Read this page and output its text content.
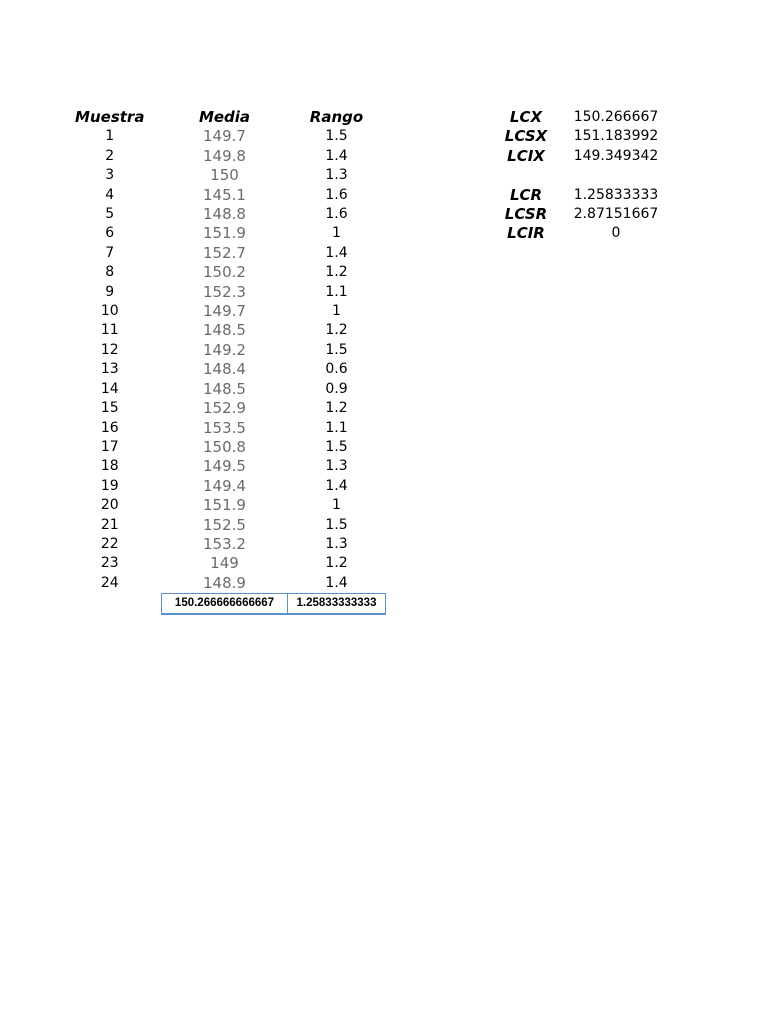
Muestra	Media	Rango
1	149.7	1.5
2	149.8	1.4
3	150	1.3
4	145.1	1.6
5	148.8	1.6
6	151.9	1
7	152.7	1.4
8	150.2	1.2
9	152.3	1.1
10	149.7	1
11	148.5	1.2
12	149.2	1.5
13	148.4	0.6
14	148.5	0.9
15	152.9	1.2
16	153.5	1.1
17	150.8	1.5
18	149.5	1.3
19	149.4	1.4
20	151.9	1
21	152.5	1.5
22	153.2	1.3
23	149	1.2
24	148.9	1.4
	150.266666666667	1.25833333333
LCX	150.266667
LCSX	151.183992
LCIX	149.349342

LCR	1.25833333
LCSR	2.87151667
LCIR	0
